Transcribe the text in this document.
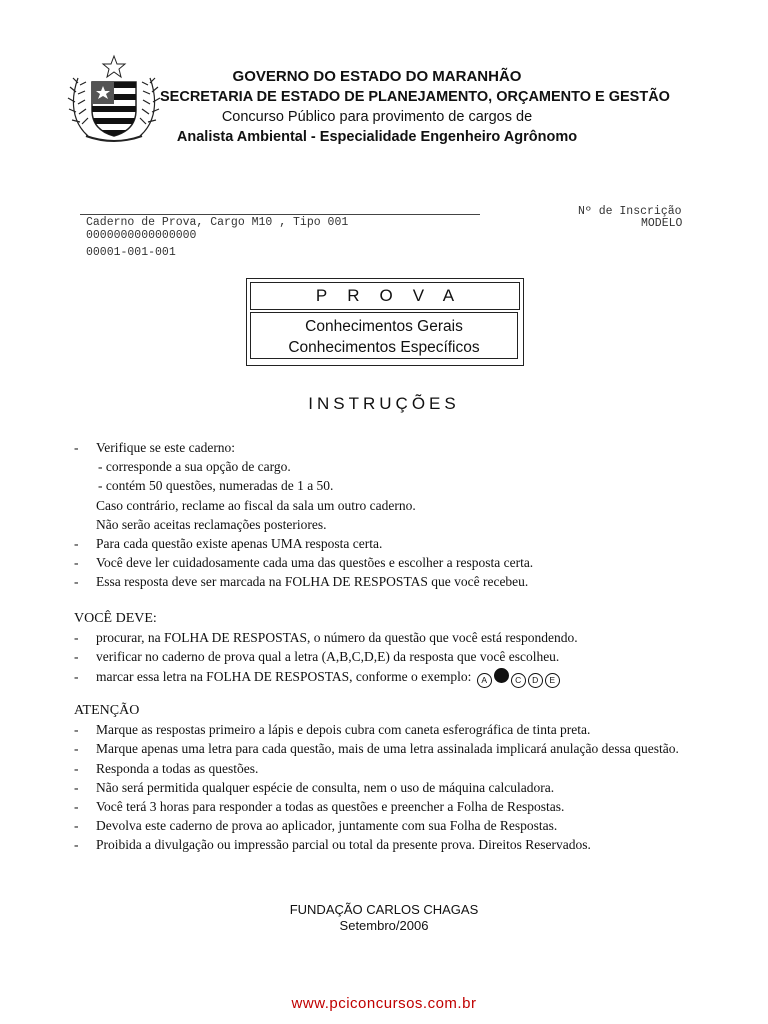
GOVERNO DO ESTADO DO MARANHÃO
SECRETARIA DE ESTADO DE PLANEJAMENTO, ORÇAMENTO E GESTÃO
Concurso Público para provimento de cargos de
Analista Ambiental - Especialidade Engenheiro Agrônomo
Caderno de Prova, Cargo M10 , Tipo 001
0000000000000000
00001-001-001
Nº de Inscrição
MODELO
PROVA
Conhecimentos Gerais
Conhecimentos Específicos
INSTRUÇÕES
- Verifique se este caderno:
- corresponde a sua opção de cargo.
- contém 50 questões, numeradas de 1 a 50.
Caso contrário, reclame ao fiscal da sala um outro caderno.
Não serão aceitas reclamações posteriores.
- Para cada questão existe apenas UMA resposta certa.
- Você deve ler cuidadosamente cada uma das questões e escolher a resposta certa.
- Essa resposta deve ser marcada na FOLHA DE RESPOSTAS que você recebeu.
VOCÊ DEVE:
- procurar, na FOLHA DE RESPOSTAS, o número da questão que você está respondendo.
- verificar no caderno de prova qual a letra (A,B,C,D,E) da resposta que você escolheu.
- marcar essa letra na FOLHA DE RESPOSTAS, conforme o exemplo: A	C D E
ATENÇÃO
- Marque as respostas primeiro a lápis e depois cubra com caneta esferográfica de tinta preta.
- Marque apenas uma letra para cada questão, mais de uma letra assinalada implicará anulação dessa questão.
- Responda a todas as questões.
- Não será permitida qualquer espécie de consulta, nem o uso de máquina calculadora.
- Você terá 3 horas para responder a todas as questões e preencher a Folha de Respostas.
- Devolva este caderno de prova ao aplicador, juntamente com sua Folha de Respostas.
- Proibida a divulgação ou impressão parcial ou total da presente prova. Direitos Reservados.
FUNDAÇÃO CARLOS CHAGAS
Setembro/2006
www.pciconcursos.com.br
